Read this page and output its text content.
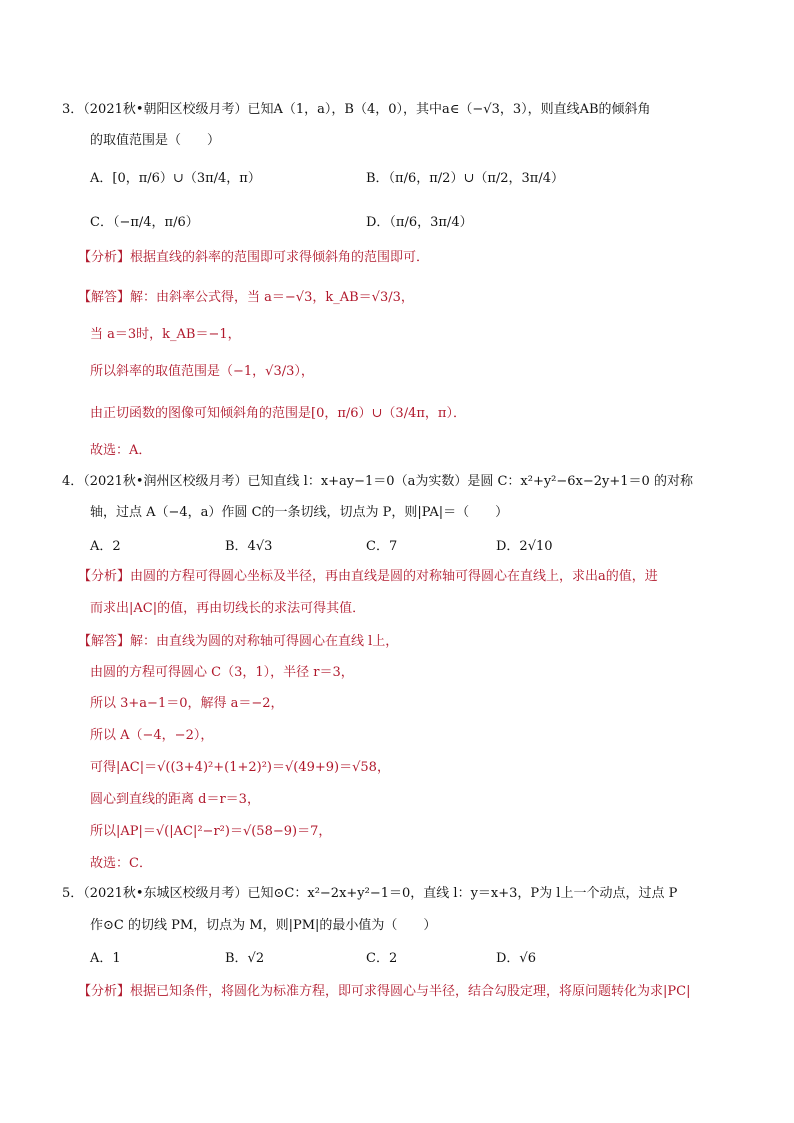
3．（2021秋•朝阳区校级月考）已知A（1，a），B（4，0），其中a∈（−√3，3），则直线AB的倾斜角
的取值范围是（　　）
A．[0，π/6）∪（3π/4，π）	B．（π/6，π/2）∪（π/2，3π/4）
C．（−π/4，π/6）	D．（π/6，3π/4）
【分析】根据直线的斜率的范围即可求得倾斜角的范围即可．
【解答】解：由斜率公式得，当 a＝−√3，k_AB＝√3/3，
当 a＝3时，k_AB＝−1，
所以斜率的取值范围是（−1，√3/3），
由正切函数的图像可知倾斜角的范围是[0，π/6）∪（3/4π，π）．
故选：A．
4．（2021秋•润州区校级月考）已知直线 l：x+ay−1＝0（a为实数）是圆 C：x²+y²−6x−2y+1＝0 的对称
轴，过点 A（−4，a）作圆 C的一条切线，切点为 P，则|PA|＝（　　）
A．2	B．4√3	C．7	D．2√10
【分析】由圆的方程可得圆心坐标及半径，再由直线是圆的对称轴可得圆心在直线上，求出a的值，进
而求出|AC|的值，再由切线长的求法可得其值．
【解答】解：由直线为圆的对称轴可得圆心在直线 l上，
由圆的方程可得圆心 C（3，1），半径 r＝3，
所以 3+a−1＝0，解得 a＝−2，
所以 A（−4，−2），
可得|AC|＝√((3+4)²+(1+2)²)＝√(49+9)＝√58，
圆心到直线的距离 d＝r＝3，
所以|AP|＝√(|AC|²−r²)＝√(58−9)＝7，
故选：C．
5．（2021秋•东城区校级月考）已知⊙C：x²−2x+y²−1＝0，直线 l：y＝x+3，P为 l上一个动点，过点 P
作⊙C 的切线 PM，切点为 M，则|PM|的最小值为（　　）
A．1	B．√2	C．2	D．√6
【分析】根据已知条件，将圆化为标准方程，即可求得圆心与半径，结合勾股定理，将原问题转化为求|PC|
